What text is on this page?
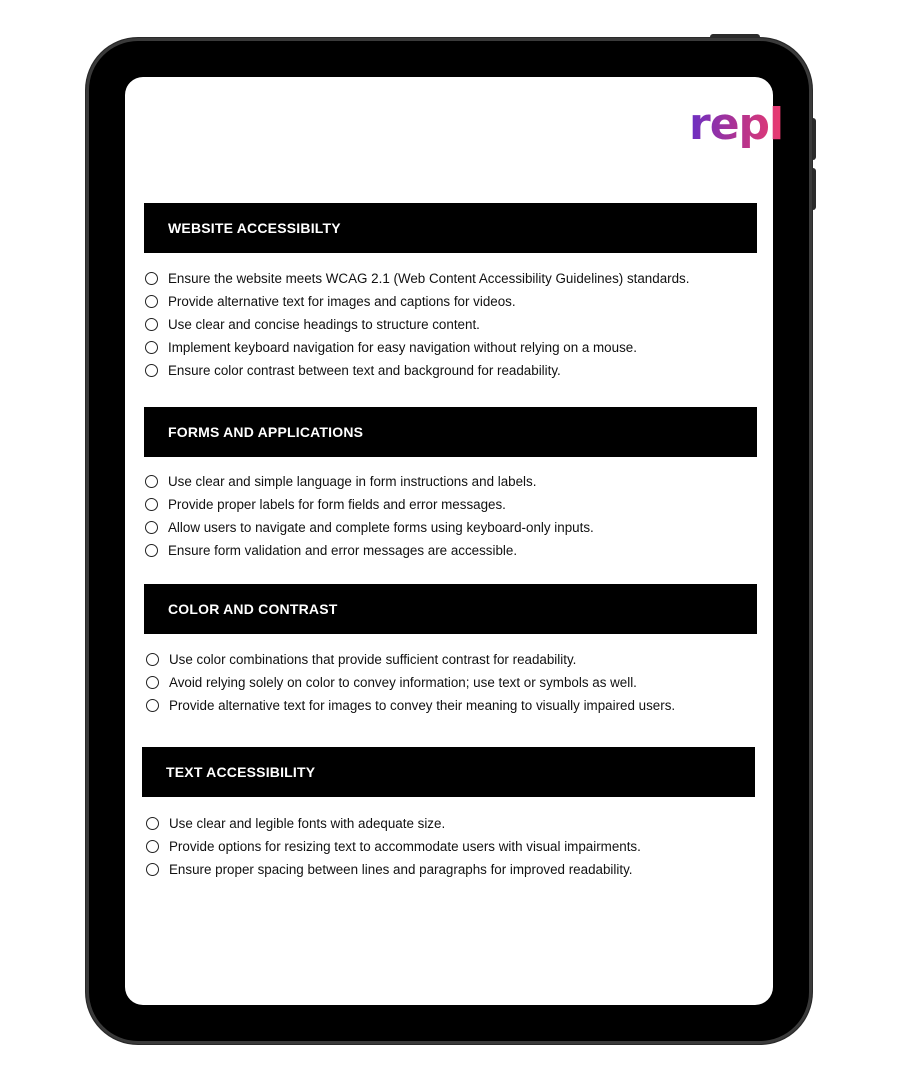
repl
WEBSITE ACCESSIBILTY
Ensure the website meets WCAG 2.1 (Web Content Accessibility Guidelines) standards.
Provide alternative text for images and captions for videos.
Use clear and concise headings to structure content.
Implement keyboard navigation for easy navigation without relying on a mouse.
Ensure color contrast between text and background for readability.
FORMS AND APPLICATIONS
Use clear and simple language in form instructions and labels.
Provide proper labels for form fields and error messages.
Allow users to navigate and complete forms using keyboard-only inputs.
Ensure form validation and error messages are accessible.
COLOR AND CONTRAST
Use color combinations that provide sufficient contrast for readability.
Avoid relying solely on color to convey information; use text or symbols as well.
Provide alternative text for images to convey their meaning to visually impaired users.
TEXT ACCESSIBILITY
Use clear and legible fonts with adequate size.
Provide options for resizing text to accommodate users with visual impairments.
Ensure proper spacing between lines and paragraphs for improved readability.
